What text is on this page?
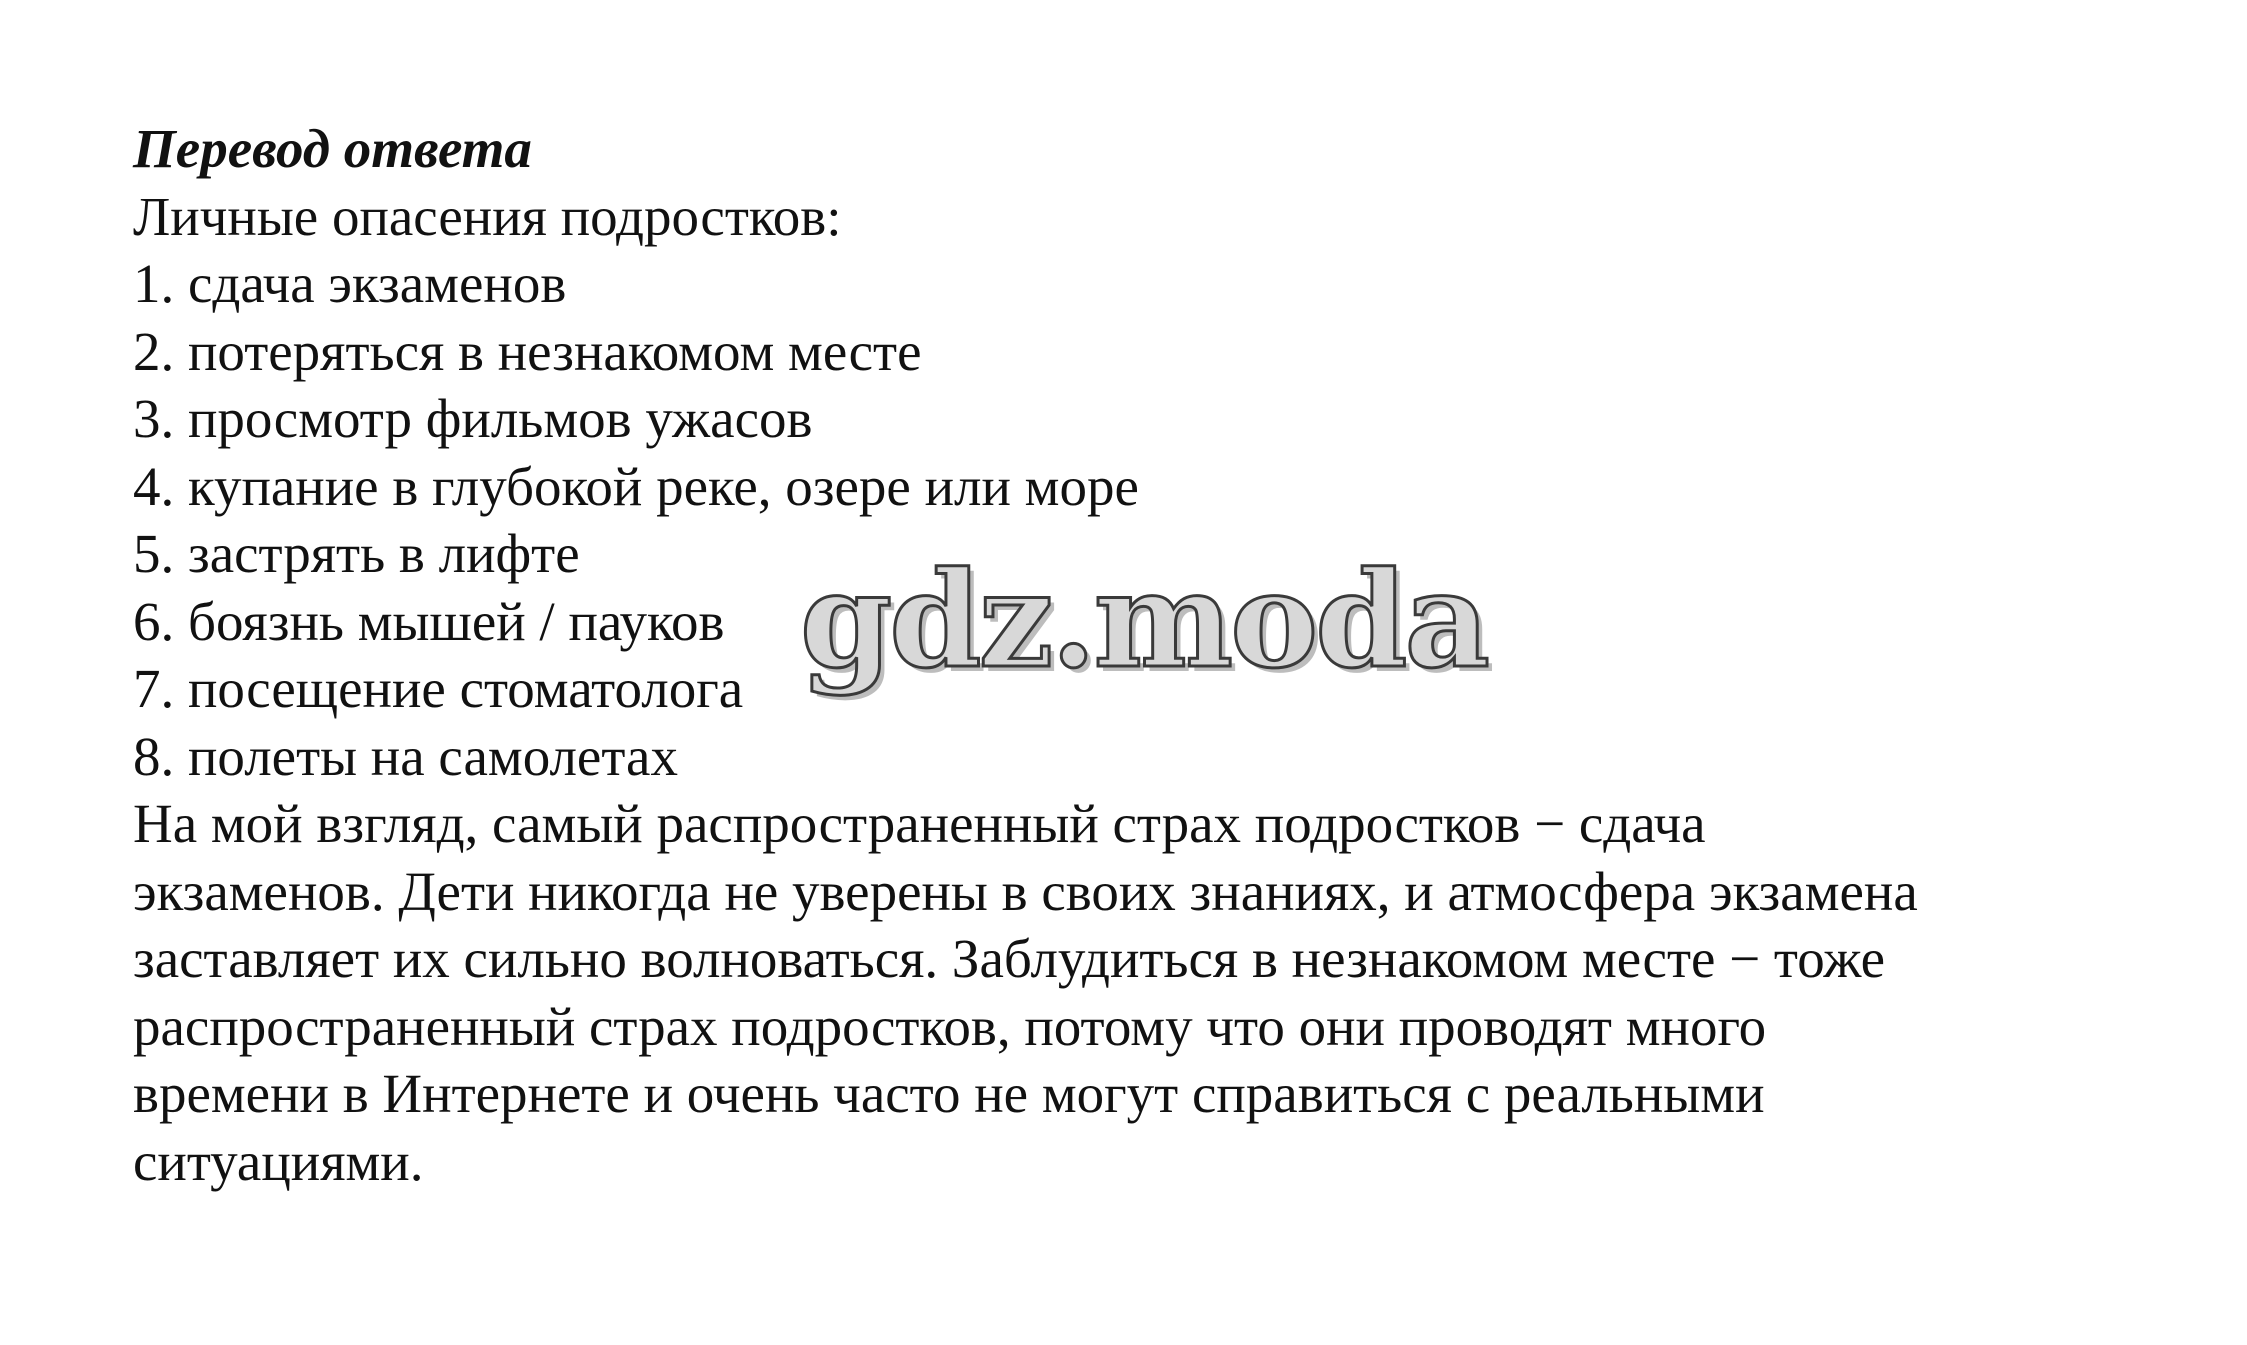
Перевод ответа
Личные опасения подростков:
1. сдача экзаменов
2. потеряться в незнакомом месте
3. просмотр фильмов ужасов
4. купание в глубокой реке, озере или море
5. застрять в лифте
6. боязнь мышей / пауков
7. посещение стоматолога
8. полеты на самолетах

На мой взгляд, самый распространенный страх подростков − сдача
экзаменов. Дети никогда не уверены в своих знаниях, и атмосфера экзамена
заставляет их сильно волноваться. Заблудиться в незнакомом месте − тоже
распространенный страх подростков, потому что они проводят много
времени в Интернете и очень часто не могут справиться с реальными
ситуациями.

gdz.moda
